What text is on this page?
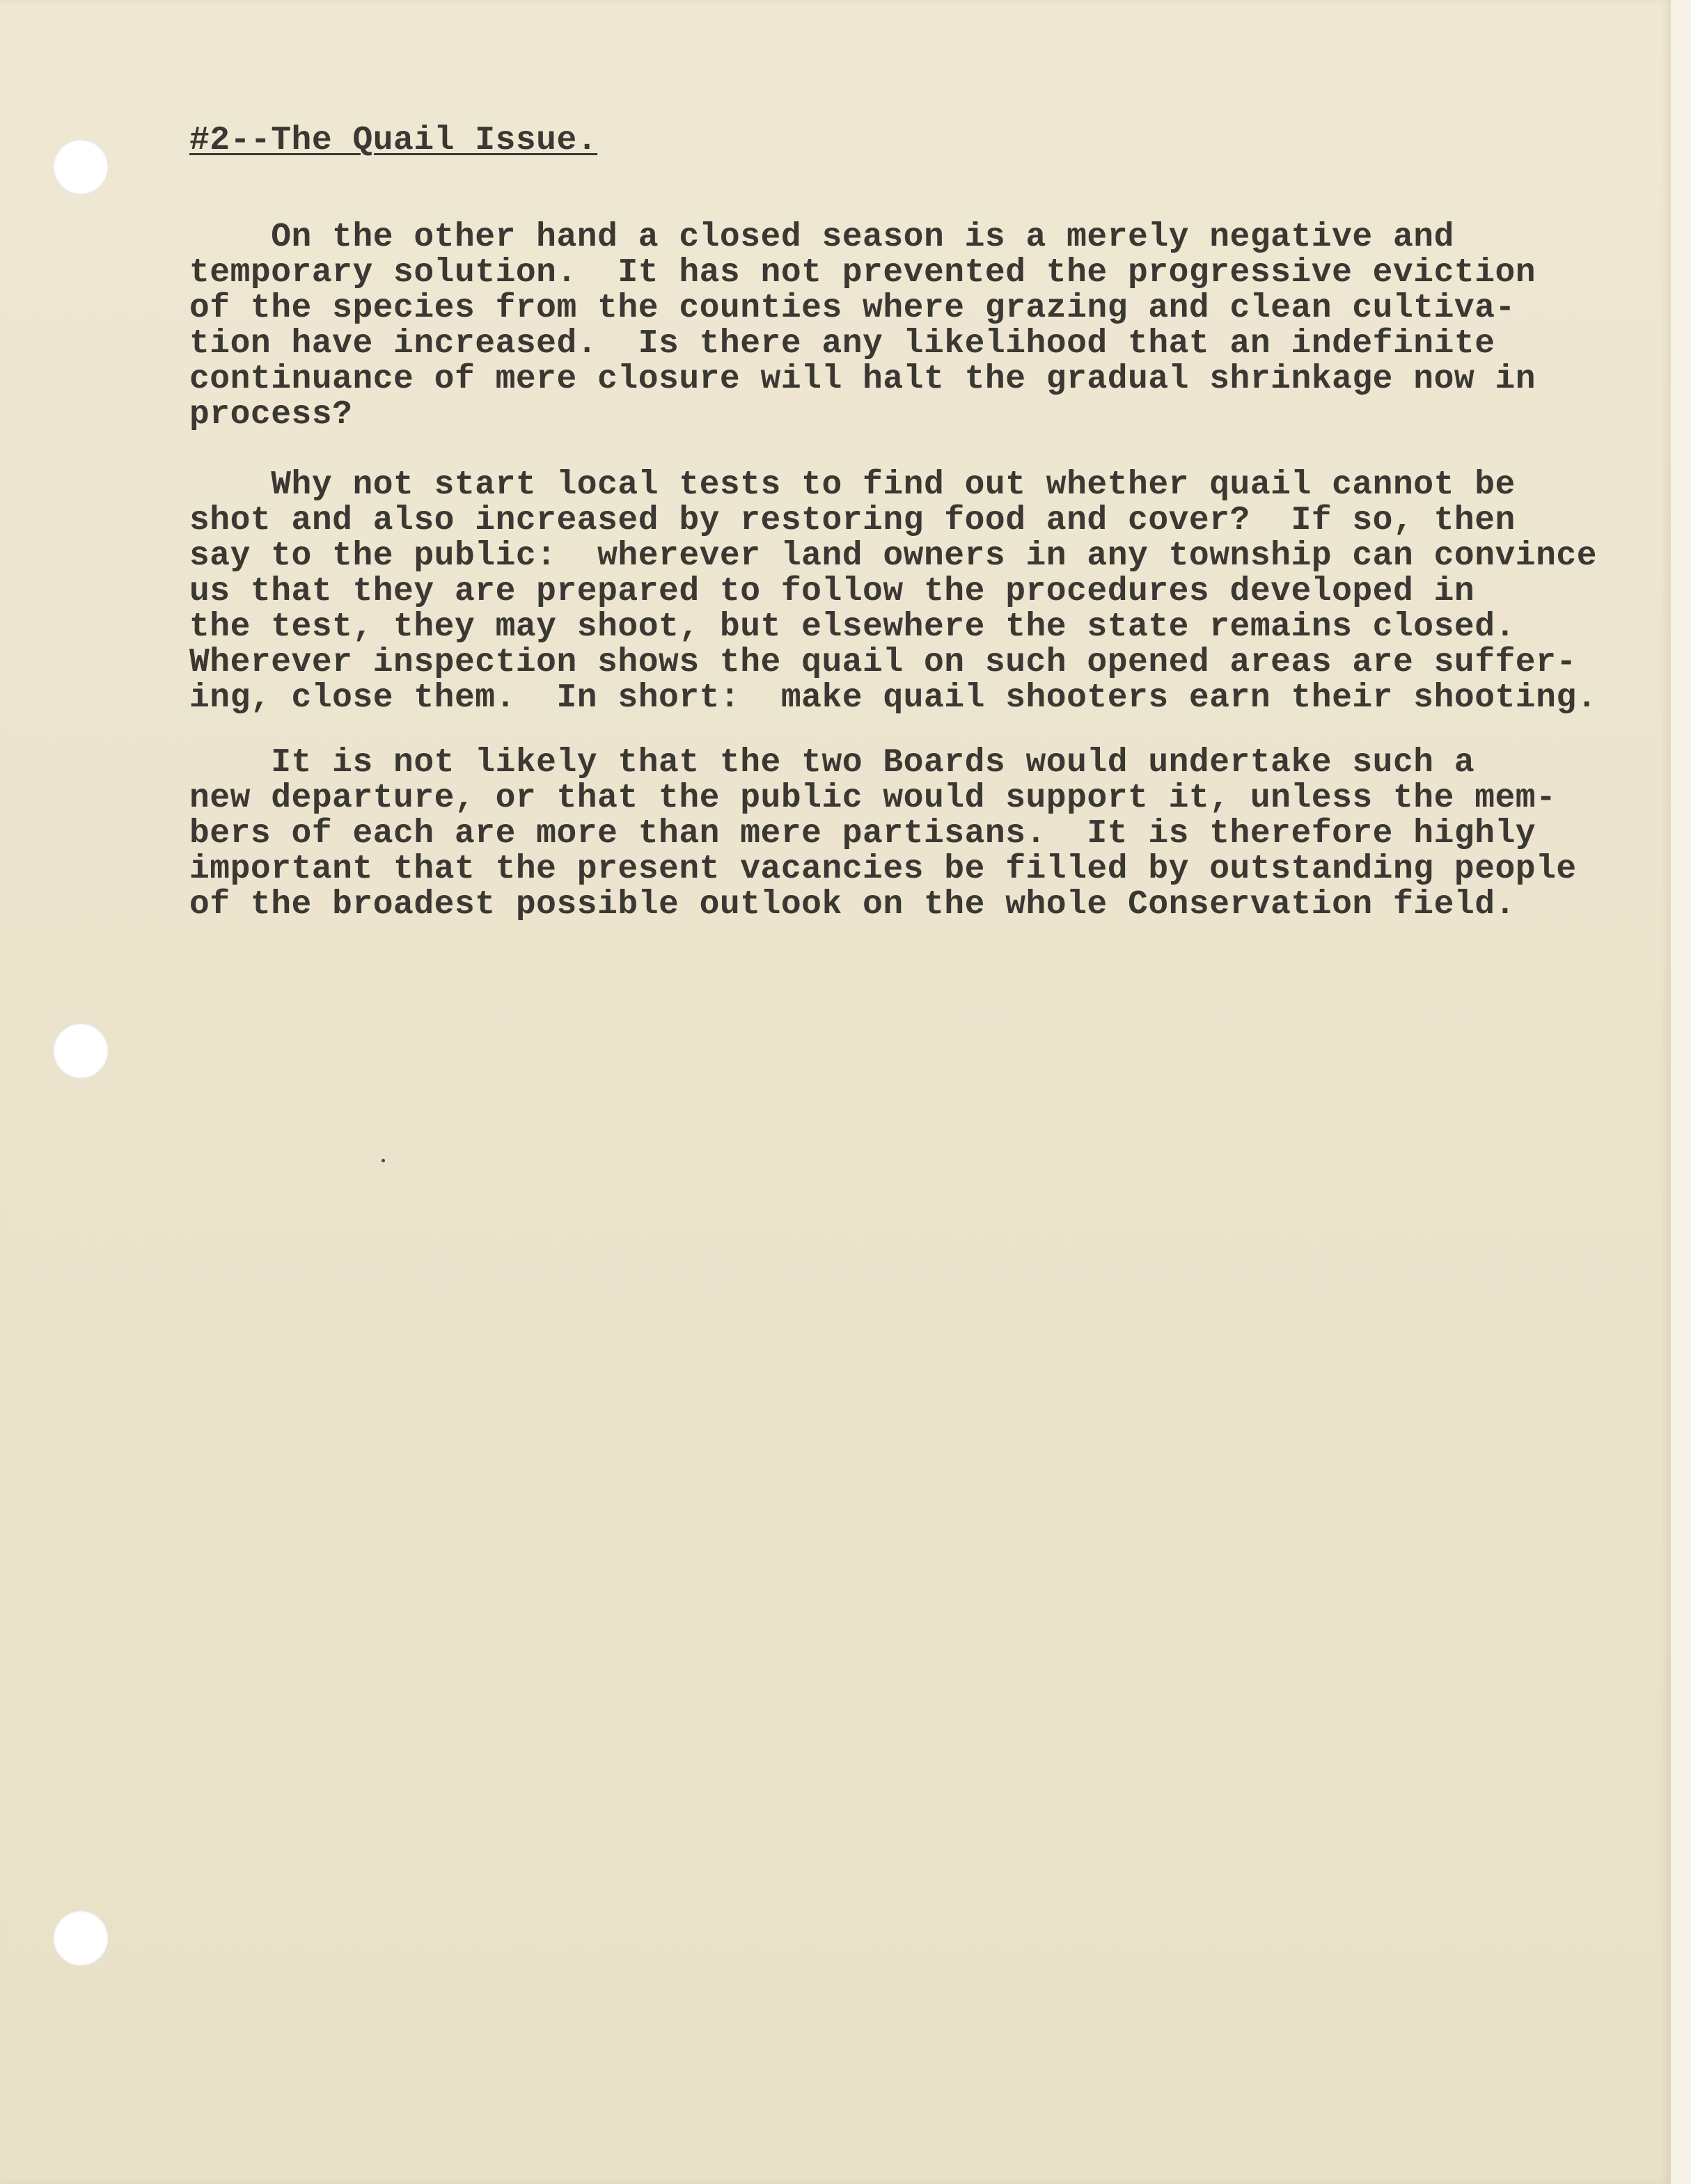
#2--The Quail Issue.
On the other hand a closed season is a merely negative and
temporary solution.  It has not prevented the progressive eviction
of the species from the counties where grazing and clean cultiva-
tion have increased.  Is there any likelihood that an indefinite
continuance of mere closure will halt the gradual shrinkage now in
process?
Why not start local tests to find out whether quail cannot be
shot and also increased by restoring food and cover?  If so, then
say to the public:  wherever land owners in any township can convince
us that they are prepared to follow the procedures developed in
the test, they may shoot, but elsewhere the state remains closed.
Wherever inspection shows the quail on such opened areas are suffer-
ing, close them.  In short:  make quail shooters earn their shooting.
It is not likely that the two Boards would undertake such a
new departure, or that the public would support it, unless the mem-
bers of each are more than mere partisans.  It is therefore highly
important that the present vacancies be filled by outstanding people
of the broadest possible outlook on the whole Conservation field.
